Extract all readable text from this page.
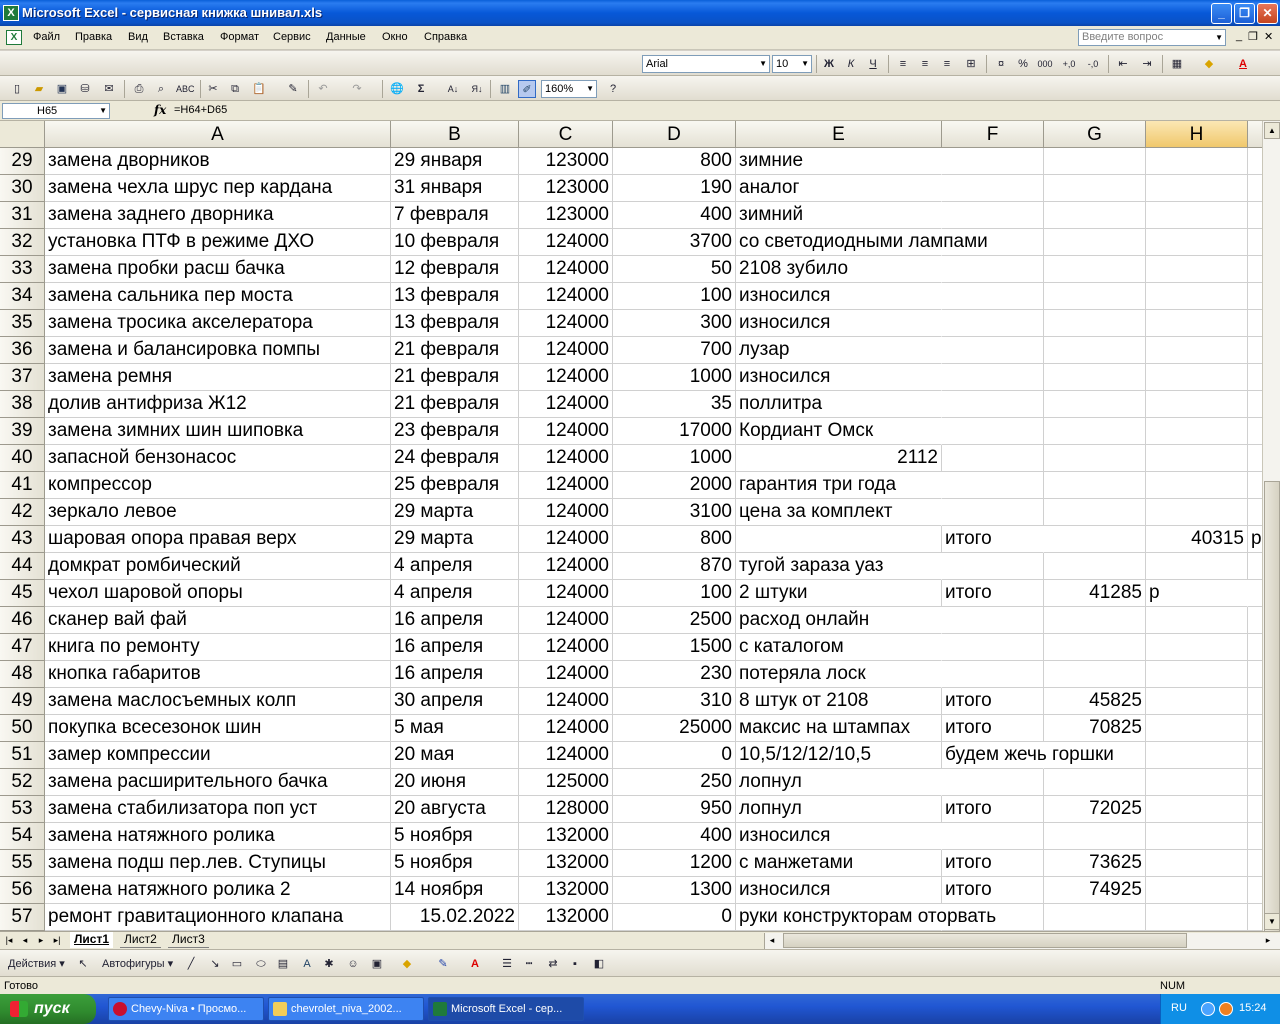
X Microsoft Excel - сервисная книжка шнивал.xls	_	❐	✕
X	Файл Правка Вид Вставка Формат Сервис Данные Окно Справка	_ ❐ ✕
Введите вопрос	▼
Arial	▼ 10 ▼	Ж	К	Ч	≡	≡	≡	⊞	¤	%	000 +,0	-,0	⇤	⇥	▦	◆	A
▯	▰	▣	⛁	✉	⎙	⌕	ABC	✂	⧉	📋	✎	↶	↷	🌐	Σ	A↓	Я↓	▥	✐	160% ▼	?
H65	▼	fx =H64+D65
A	B	C	D	E	F	G	H
29 замена дворников	29 января	123000	800 зимние
30 замена чехла шрус пер кардана	31 января	123000	190 аналог
31 замена заднего дворника	7 февраля	123000	400 зимний
32 установка ПТФ в режиме ДХО	10 февраля	124000	3700 со светодиодными лампами
33 замена пробки расш бачка	12 февраля	124000	50 2108 зубило
34 замена сальника пер моста	13 февраля	124000	100 износился
35 замена тросика акселератора	13 февраля	124000	300 износился
36 замена и балансировка помпы	21 февраля	124000	700 лузар
37 замена ремня	21 февраля	124000	1000 износился
38 долив антифриза Ж12	21 февраля	124000	35 поллитра
39 замена зимних шин шиповка	23 февраля	124000	17000 Кордиант Омск
40 запасной бензонасос	24 февраля	124000	1000	2112
41 компрессор	25 февраля	124000	2000 гарантия три года
42 зеркало левое	29 марта	124000	3100 цена за комплект
43 шаровая опора правая верх	29 марта	124000	800	итого	40315 р
44 домкрат ромбический	4 апреля	124000	870 тугой зараза уаз
45 чехол шаровой опоры	4 апреля	124000	100 2 штуки	итого	41285 р
46 сканер вай фай	16 апреля	124000	2500 расход онлайн
47 книга по ремонту	16 апреля	124000	1500 с каталогом
48 кнопка габаритов	16 апреля	124000	230 потеряла лоск
49 замена маслосъемных колп	30 апреля	124000	310 8 штук от 2108	итого	45825
50 покупка всесезонок шин	5 мая	124000	25000 максис на штампах	итого	70825
51 замер компрессии	20 мая	124000	0 10,5/12/12/10,5	будем жечь горшки
52 замена расширительного бачка	20 июня	125000	250 лопнул
53 замена стабилизатора поп уст	20 августа	128000	950 лопнул	итого	72025
54 замена натяжного ролика	5 ноября	132000	400 износился
55 замена подш пер.лев. Ступицы	5 ноября	132000	1200 с манжетами	итого	73625
56 замена натяжного ролика 2	14 ноября	132000	1300 износился	итого	74925
57 ремонт гравитационного клапана	15.02.2022	132000	0 руки конструкторам оторвать
▲
▼
|◂	◂	▸	▸|	Лист1	Лист2	Лист3	◂	▸
Действия ▾	↖	Автофигуры ▾	╱	↘	▭	⬭	▤	A	✱	☺	▣	◆	✎	A	☰	┅	⇄	▪	◧
Готово	NUM
пуск	Chevy-Niva • Просмо...	chevrolet_niva_2002...	Microsoft Excel - сер...	RU	15:24
